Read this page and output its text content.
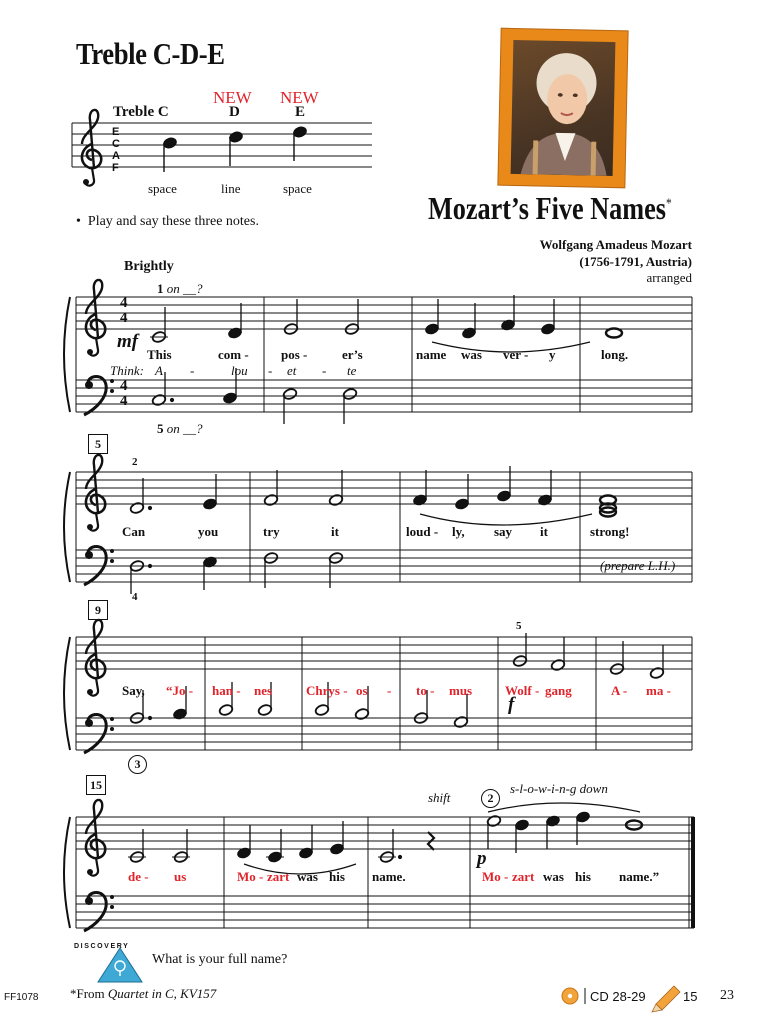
Treble C-D-E
Treble C
NEW NEW
D	E
space	line	space
E
C
A
F
•  Play and say these three notes.	Mozart’s Five Names*
Wolfgang Amadeus Mozart
(1756-1791, Austria)
arranged
Brightly
1 on __?
5 on __?
4
4
4
4
mf
This	com - pos -	er’s	name was ver - y	long.
Think: A -	lou - et - te
5
2
4
Can	you	try	it	loud - ly, say it	strong!
(prepare L.H.)
9
5
3
f
Say, “Jo - han - nes	Chrys - os - to - mus	Wolf - gang	A - ma -
15
shift	2
s-l-o-w-i-n-g down
p
de - us	Mo - zart was his name.	Mo - zart was his name.”
DISCOVERY
What is your full name?
FF1078 *From Quartet in C, KV157	CD 28-29	15 23
